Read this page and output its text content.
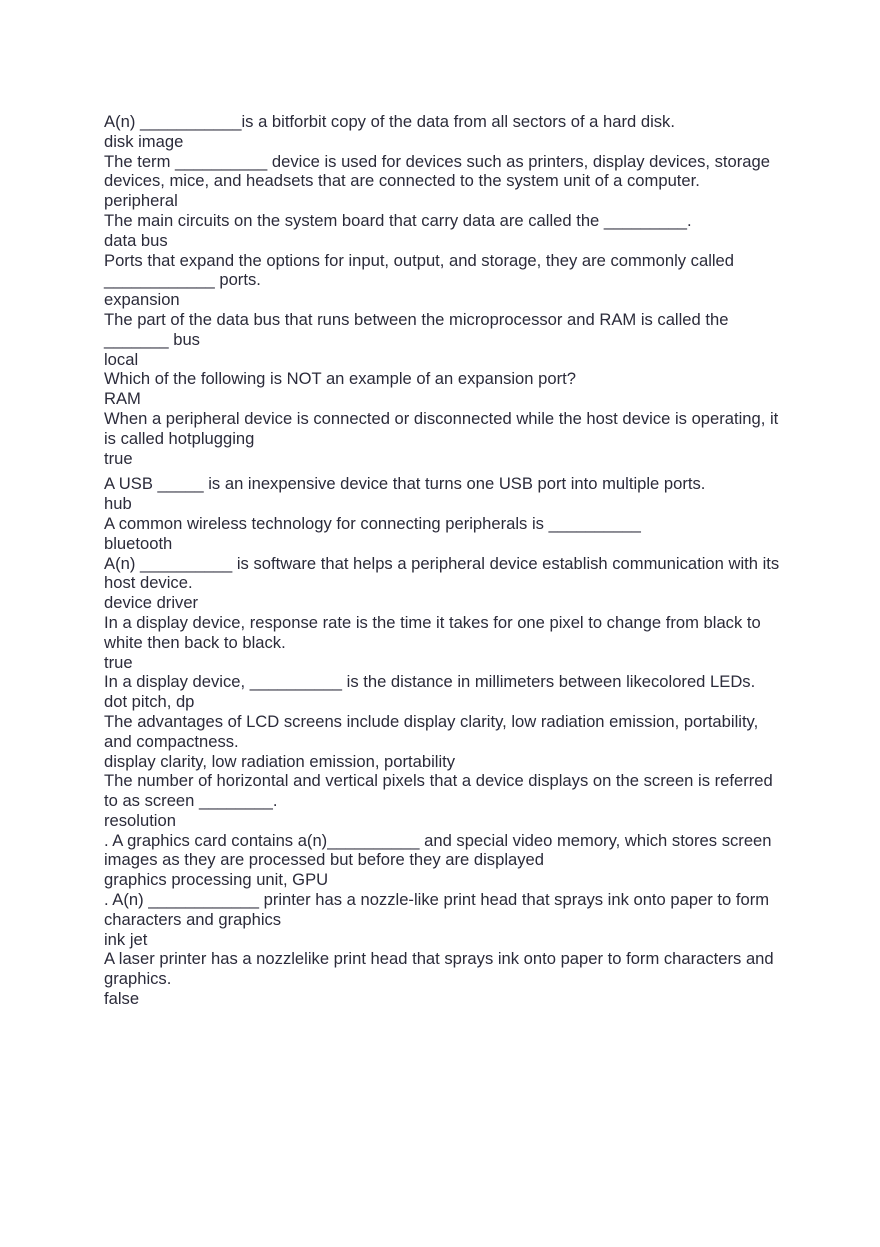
A(n) ___________is a bitforbit copy of the data from all sectors of a hard disk.

disk image

The term __________ device is used for devices such as printers, display devices, storage devices, mice, and headsets that are connected to the system unit of a computer.

peripheral

The main circuits on the system board that carry data are called the _________.

data bus

Ports that expand the options for input, output, and storage, they are commonly called ____________ ports.

expansion

The part of the data bus that runs between the microprocessor and RAM is called the _______ bus

local

Which of the following is NOT an example of an expansion port?

RAM

When a peripheral device is connected or disconnected while the host device is operating, it is called hotplugging

true

A USB _____ is an inexpensive device that turns one USB port into multiple ports.

hub

A common wireless technology for connecting peripherals is __________

bluetooth

A(n) __________ is software that helps a peripheral device establish communication with its host device.

device driver

In a display device, response rate is the time it takes for one pixel to change from black to white then back to black.

true

In a display device, __________ is the distance in millimeters between likecolored LEDs.

dot pitch, dp

The advantages of LCD screens include display clarity, low radiation emission, portability, and compactness.

display clarity, low radiation emission, portability

The number of horizontal and vertical pixels that a device displays on the screen is referred to as screen ________.

resolution

. A graphics card contains a(n)__________ and special video memory, which stores screen images as they are processed but before they are displayed

graphics processing unit, GPU

. A(n) ____________ printer has a nozzle-like print head that sprays ink onto paper to form characters and graphics

ink jet

A laser printer has a nozzlelike print head that sprays ink onto paper to form characters and graphics.

false
